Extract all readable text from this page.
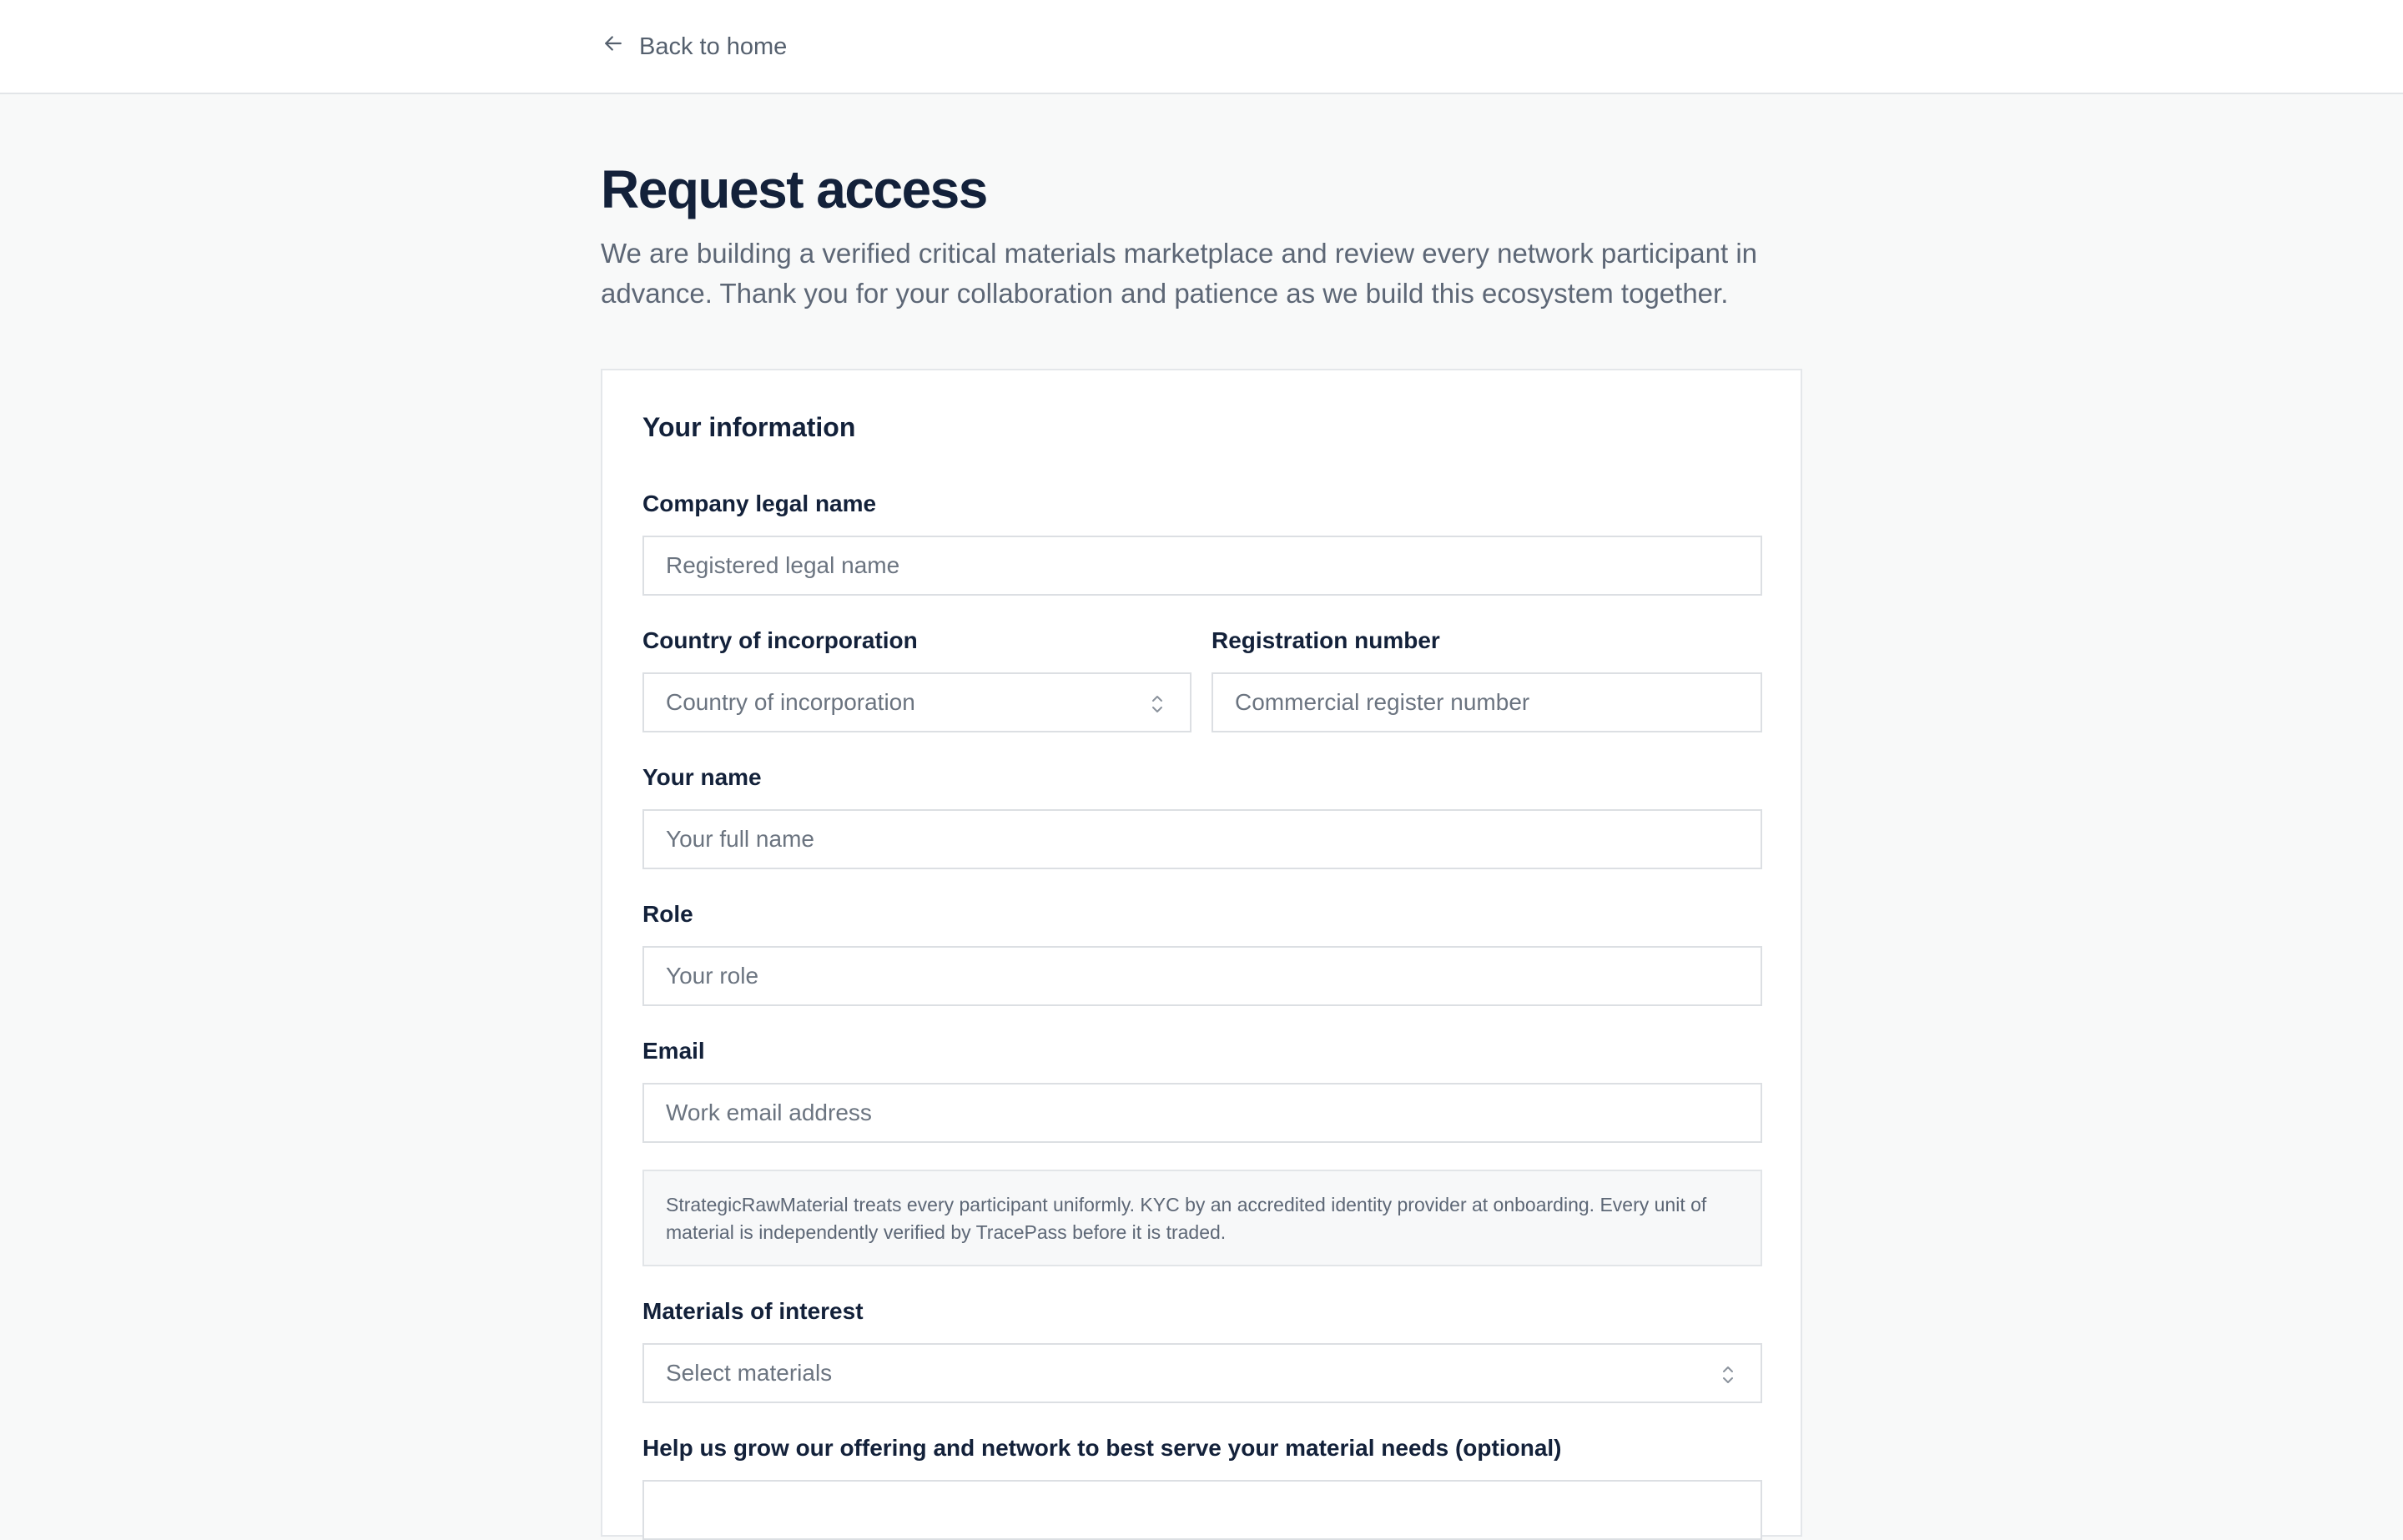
Back to home
Request access

We are building a verified critical materials marketplace and review every network participant in advance. Thank you for your collaboration and patience as we build this ecosystem together.

Your information
Company legal name
Registered legal name
Country of incorporation
Country of incorporation
Registration number
Commercial register number
Your name
Your full name
Role
Your role
Email
Work email address
StrategicRawMaterial treats every participant uniformly. KYC by an accredited identity provider at onboarding. Every unit of material is independently verified by TracePass before it is traded.
Materials of interest
Select materials
Help us grow our offering and network to best serve your material needs (optional)
